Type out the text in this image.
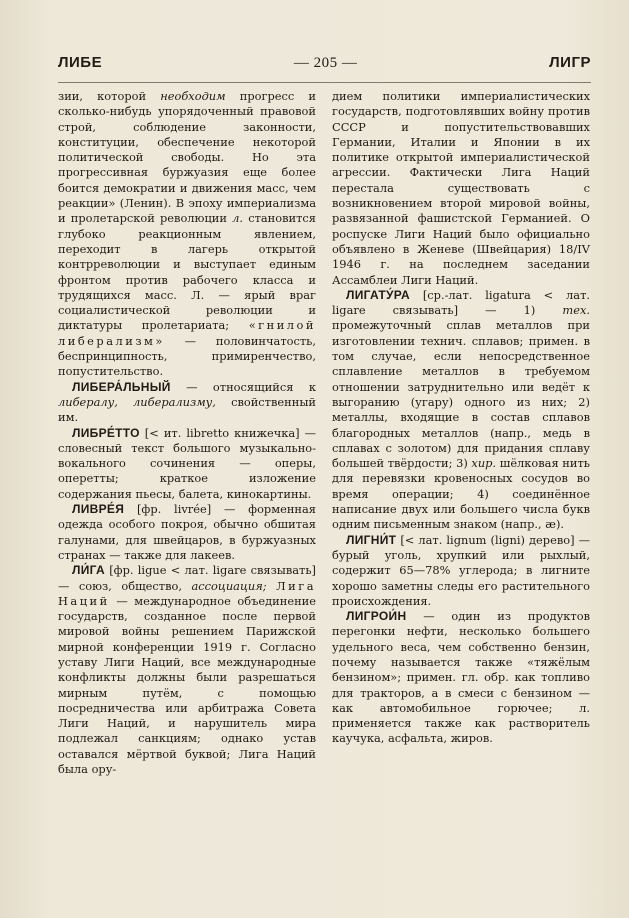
ЛИБЕ	— 205 —	ЛИГР

зии, которой необходим прогресс и сколько-нибудь упорядоченный правовой строй, соблюдение законности, конституции, обеспечение некоторой политической свободы. Но эта прогрессивная буржуазия еще более боится демократии и движения масс, чем реакции» (Ленин). В эпоху империализма и пролетарской революции л. становится глубоко реакционным явлением, переходит в лагерь открытой контрреволюции и выступает единым фронтом против рабочего класса и трудящихся масс. Л. — ярый враг социалистической революции и диктатуры пролетариата; «гнилой либерализм» — половинчатость, беспринципность, примиренчество, попустительство.

ЛИБЕРА́ЛЬНЫЙ — относящийся к либералу, либерализму, свойственный им.

ЛИБРЕ́ТТО [< ит. libretto книжечка] — словесный текст большого музыкально-вокального сочинения — оперы, оперетты; краткое изложение содержания пьесы, балета, кинокартины.

ЛИВРЕ́Я [фр. livrée] — форменная одежда особого покроя, обычно обшитая галунами, для швейцаров, в буржуазных странах — также для лакеев.

ЛИ́ГА [фр. ligue < лат. ligare связывать] — союз, общество, ассоциация; Лига Наций — международное объединение государств, созданное после первой мировой войны решением Парижской мирной конференции 1919 г. Согласно уставу Лиги Наций, все международные конфликты должны были разрешаться мирным путём, с помощью посредничества или арбитража Совета Лиги Наций, и нарушитель мира подлежал санкциям; однако устав оставался мёртвой буквой; Лига Наций была ору-

дием политики империалистических государств, подготовлявших войну против СССР и попустительствовавших Германии, Италии и Японии в их политике открытой империалистической агрессии. Фактически Лига Наций перестала существовать с возникновением второй мировой войны, развязанной фашистской Германией. О роспуске Лиги Наций было официально объявлено в Женеве (Швейцария) 18/IV 1946 г. на последнем заседании Ассамблеи Лиги Наций.

ЛИГАТУ́РА [ср.-лат. ligatura < лат. ligare связывать] — 1) тех. промежуточный сплав металлов при изготовлении технич. сплавов; примен. в том случае, если непосредственное сплавление металлов в требуемом отношении затруднительно или ведёт к выгоранию (угару) одного из них; 2) металлы, входящие в состав сплавов благородных металлов (напр., медь в сплавах с золотом) для придания сплаву большей твёрдости; 3) хир. шёлковая нить для перевязки кровеносных сосудов во время операции; 4) соединённое написание двух или большего числа букв одним письменным знаком (напр., æ).

ЛИГНИ́Т [< лат. lignum (ligni) дерево] — бурый уголь, хрупкий или рыхлый, содержит 65—78% углерода; в лигните хорошо заметны следы его растительного происхождения.

ЛИГРОИ́Н — один из продуктов перегонки нефти, несколько большего удельного веса, чем собственно бензин, почему называется также «тяжёлым бензином»; примен. гл. обр. как топливо для тракторов, а в смеси с бензином — как автомобильное горючее; л. применяется также как растворитель каучука, асфальта, жиров.
